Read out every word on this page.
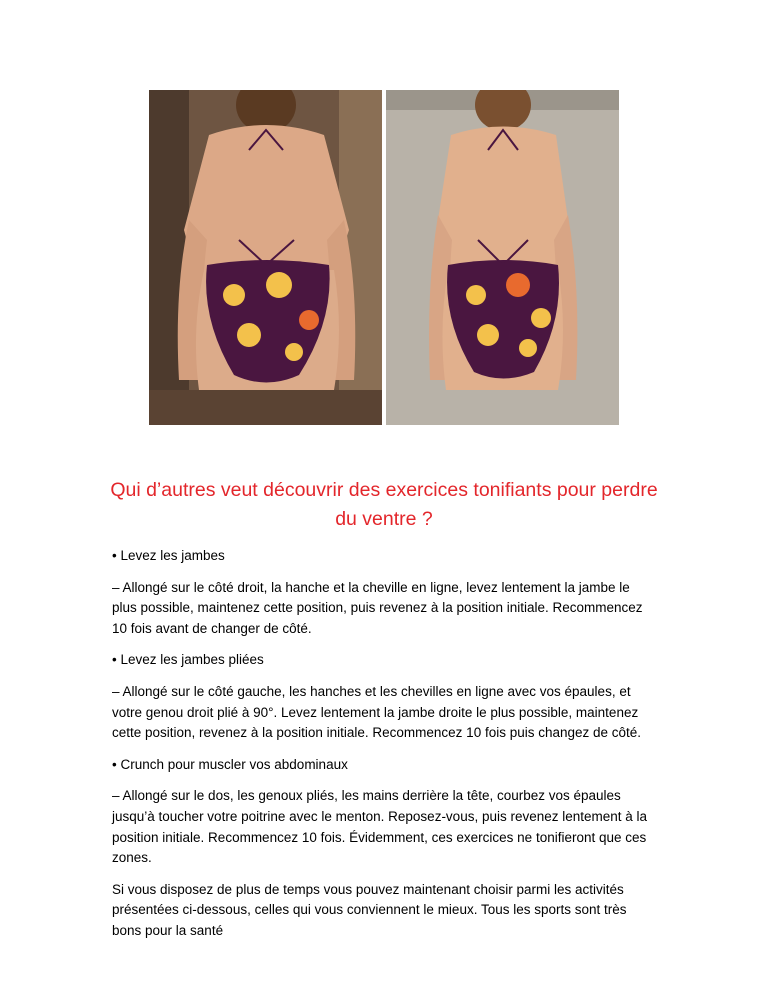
Qui d’autres veut découvrir des exercices tonifiants pour perdre du ventre ?

• Levez les jambes

– Allongé sur le côté droit, la hanche et la cheville en ligne, levez lentement la jambe le plus possible, maintenez cette position, puis revenez à la position initiale. Recommencez 10 fois avant de changer de côté.

• Levez les jambes pliées

– Allongé sur le côté gauche, les hanches et les chevilles en ligne avec vos épaules, et votre genou droit plié à 90°. Levez lentement la jambe droite le plus possible, maintenez cette position, revenez à la position initiale. Recommencez 10 fois puis changez de côté.

• Crunch pour muscler vos abdominaux

– Allongé sur le dos, les genoux pliés, les mains derrière la tête, courbez vos épaules jusqu’à toucher votre poitrine avec le menton. Reposez-vous, puis revenez lentement à la position initiale. Recommencez 10 fois. Évidemment, ces exercices ne tonifieront que ces zones.

Si vous disposez de plus de temps vous pouvez maintenant choisir parmi les activités présentées ci-dessous, celles qui vous conviennent le mieux. Tous les sports sont très bons pour la santé
